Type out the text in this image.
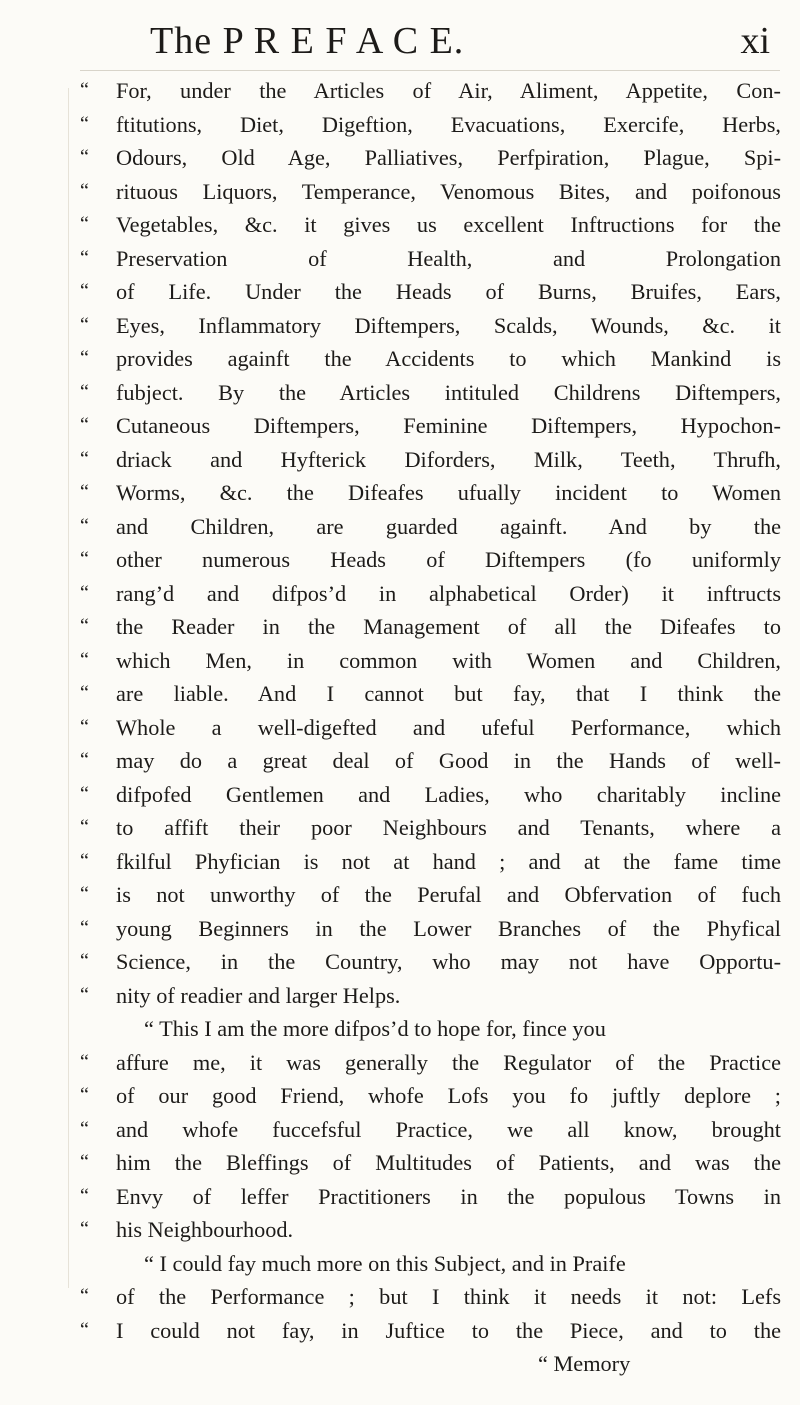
The P R E F A C E.	xi
“ For, under the Articles of Air, Aliment, Appetite, Con-
“ ftitutions, Diet, Digeftion, Evacuations, Exercife, Herbs,
“ Odours, Old Age, Palliatives, Perfpiration, Plague, Spi-
“ rituous Liquors, Temperance, Venomous Bites, and poifonous
“ Vegetables, &c. it gives us excellent Inftructions for the
“ Preservation of Health, and Prolongation
“ of Life. Under the Heads of Burns, Bruifes, Ears,
“ Eyes, Inflammatory Diftempers, Scalds, Wounds, &c. it
“ provides againft the Accidents to which Mankind is
“ fubject. By the Articles intituled Childrens Diftempers,
“ Cutaneous Diftempers, Feminine Diftempers, Hypochon-
“ driack and Hyfterick Diforders, Milk, Teeth, Thrufh,
“ Worms, &c. the Difeafes ufually incident to Women
“ and Children, are guarded againft. And by the
“ other numerous Heads of Diftempers (fo uniformly
“ rang’d and difpos’d in alphabetical Order) it inftructs
“ the Reader in the Management of all the Difeafes to
“ which Men, in common with Women and Children,
“ are liable. And I cannot but fay, that I think the
“ Whole a well-digefted and ufeful Performance, which
“ may do a great deal of Good in the Hands of well-
“ difpofed Gentlemen and Ladies, who charitably incline
“ to affift their poor Neighbours and Tenants, where a
“ fkilful Phyfician is not at hand ; and at the fame time
“ is not unworthy of the Perufal and Obfervation of fuch
“ young Beginners in the Lower Branches of the Phyfical
“ Science, in the Country, who may not have Opportu-
“ nity of readier and larger Helps.
“ This I am the more difpos’d to hope for, fince you
“ affure me, it was generally the Regulator of the Practice
“ of our good Friend, whofe Lofs you fo juftly deplore ;
“ and whofe fuccefsful Practice, we all know, brought
“ him the Bleffings of Multitudes of Patients, and was the
“ Envy of leffer Practitioners in the populous Towns in
“ his Neighbourhood.
“ I could fay much more on this Subject, and in Praife
“ of the Performance ; but I think it needs it not: Lefs
“ I could not fay, in Juftice to the Piece, and to the
“ Memory
